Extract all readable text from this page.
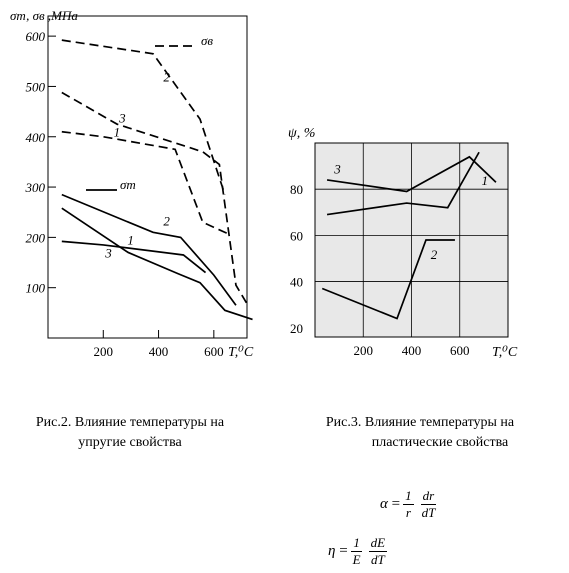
100
200
300
400
500
600
200	400	600
σт, σв ,МПа
T,⁰C
2
3
1
2
1
3
σв
σт
20
40
60
80
200 400 600
ψ, %
T,⁰C
3
1
2
Рис.2. Влияние температуры на
упругие свойства
Рис.3. Влияние температуры на
пластические свойства
$\alpha = \frac{1}{r} \frac{dr}{dT}$
$\eta = \frac{1}{E} \frac{dE}{dT}$
